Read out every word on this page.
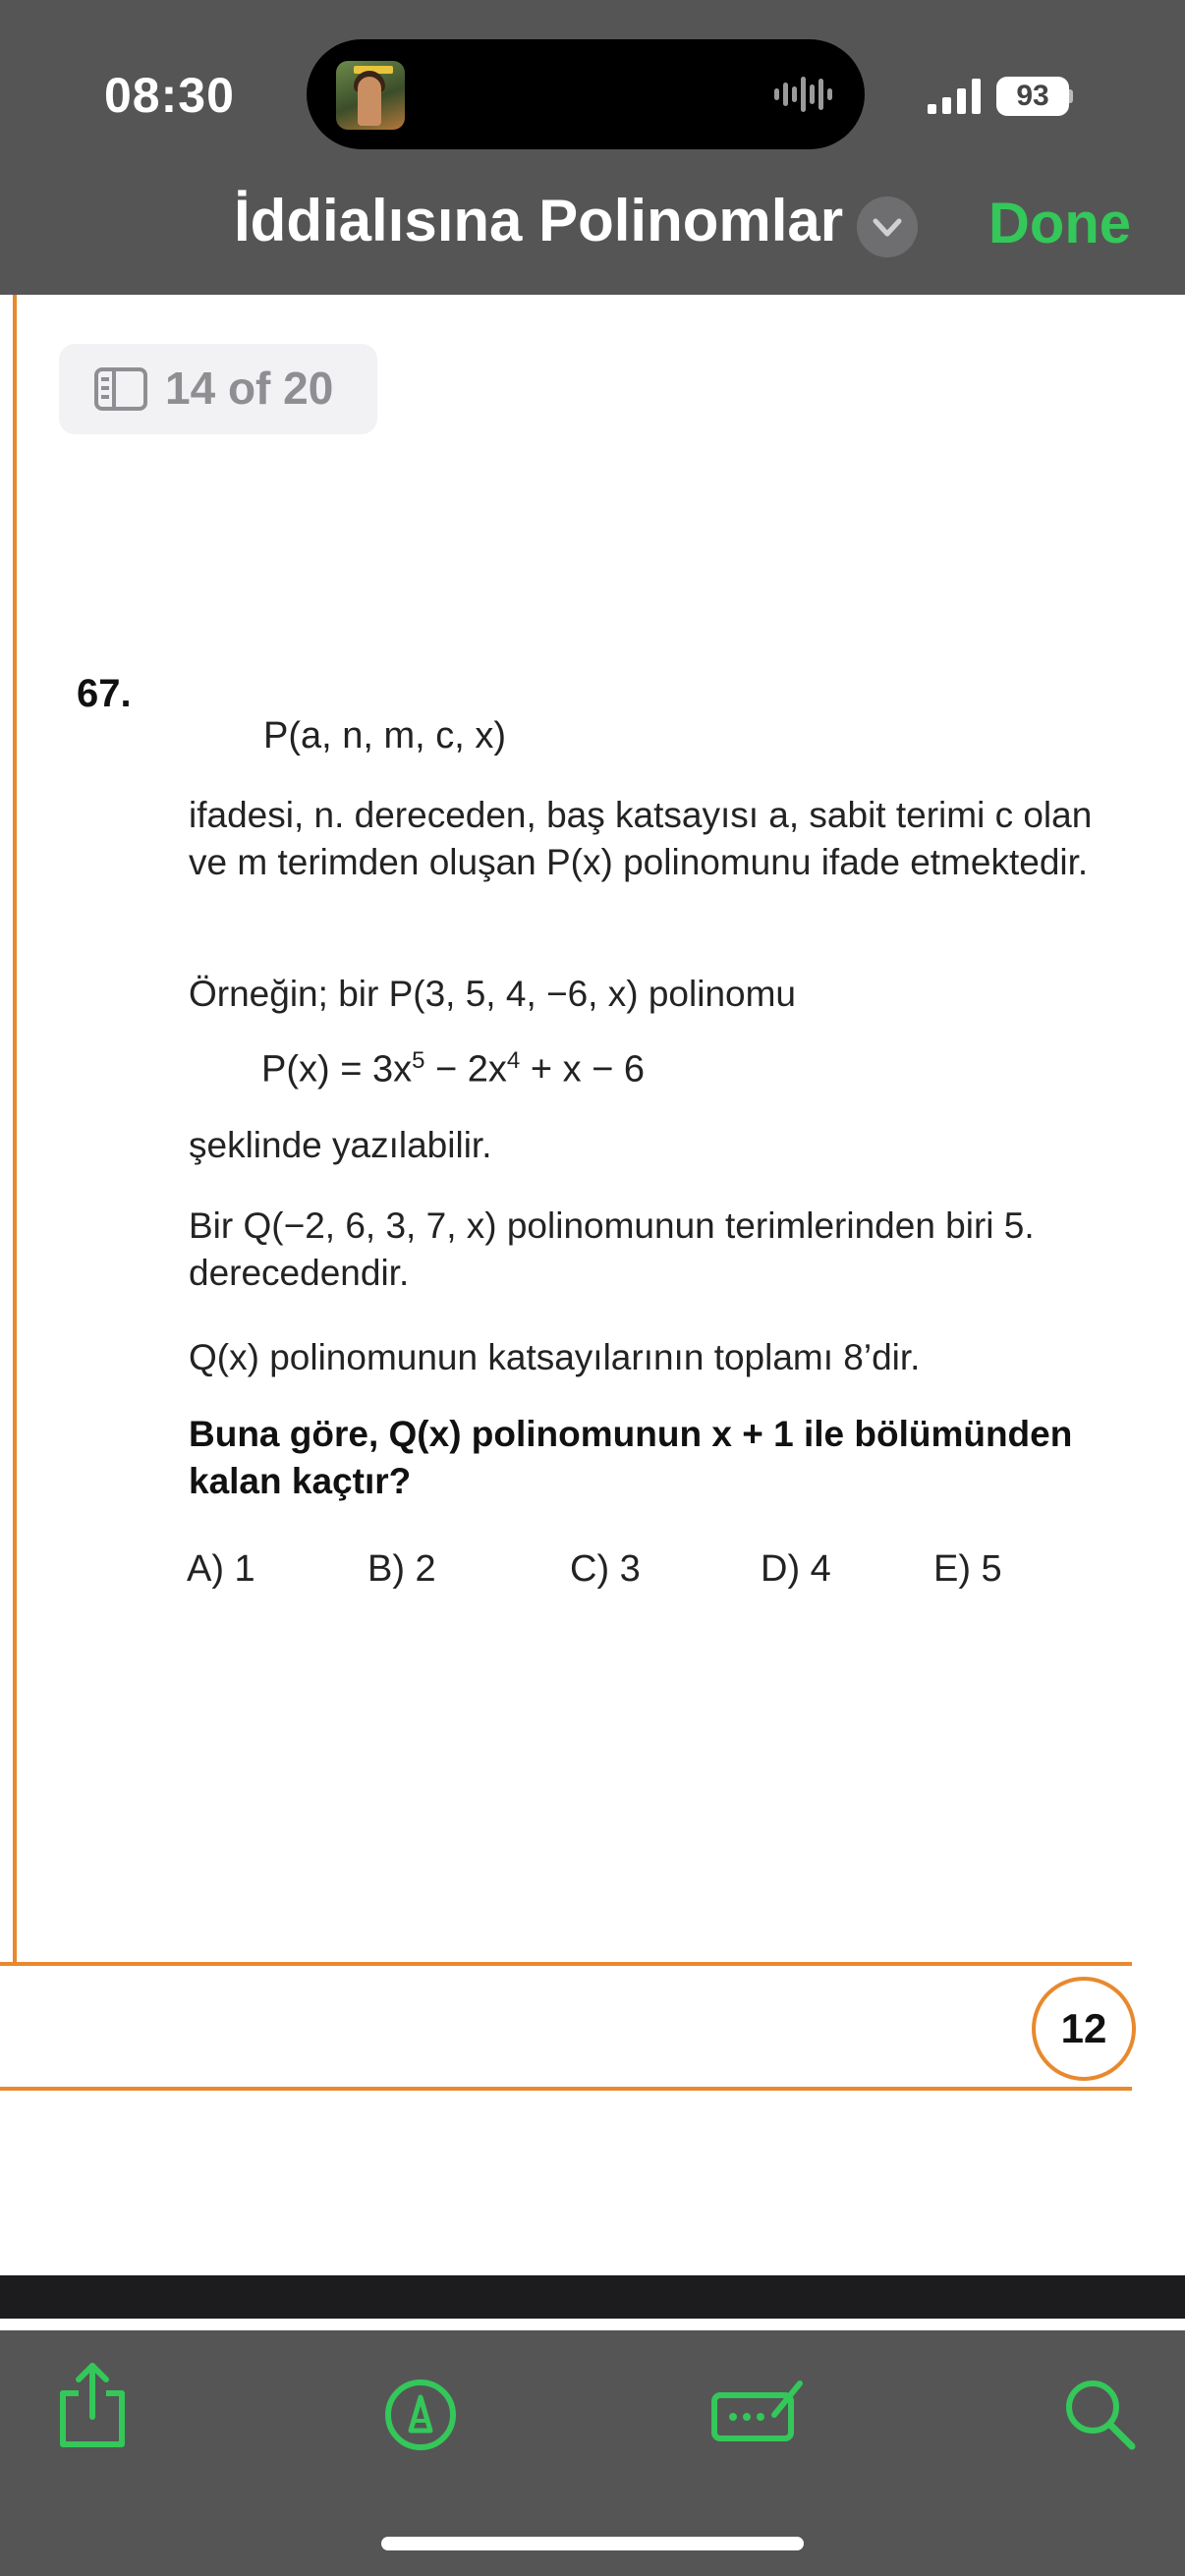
08:30	93
İddialısına Polinomlar	Done
14 of 20
67.
P(a, n, m, c, x)
ifadesi, n. dereceden, baş katsayısı a, sabit terimi c olan ve m terimden oluşan P(x) polinomunu ifade etmektedir.
Örneğin; bir P(3, 5, 4, −6, x) polinomu
$P(x) = 3x^5 - 2x^4 + x - 6$
şeklinde yazılabilir.
Bir Q(−2, 6, 3, 7, x) polinomunun terimlerinden biri 5. derecedendir.
Q(x) polinomunun katsayılarının toplamı 8’dir.
Buna göre, Q(x) polinomunun x + 1 ile bölümünden kalan kaçtır?
A) 1	B) 2	C) 3	D) 4	E) 5
12
